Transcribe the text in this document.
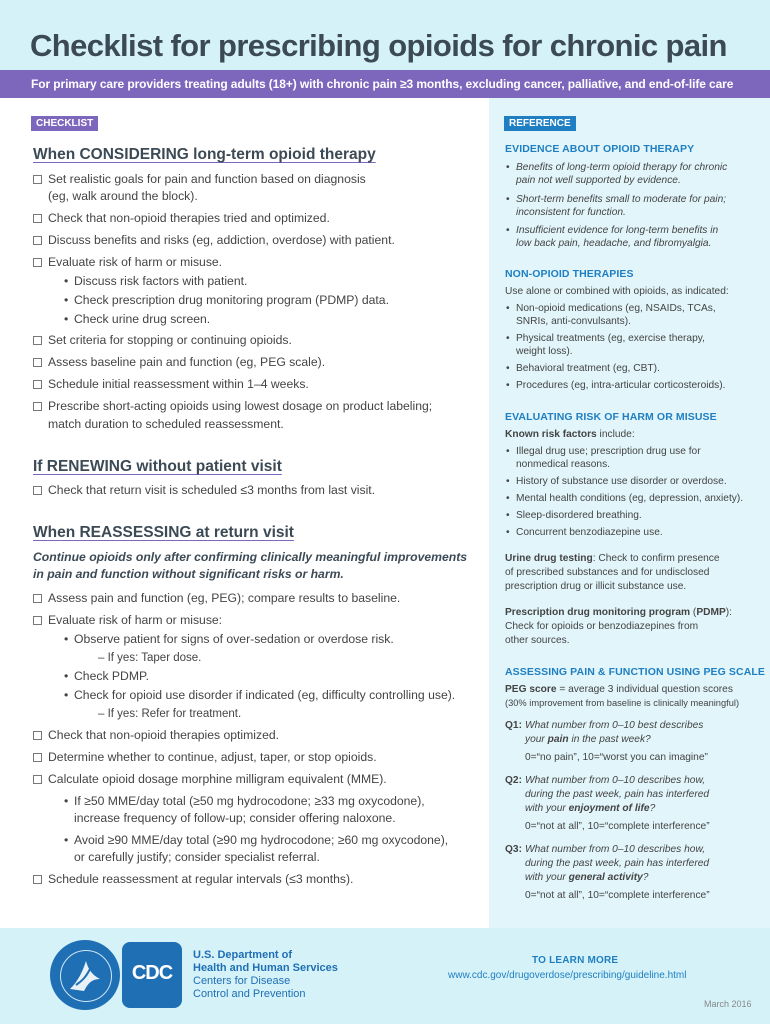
Checklist for prescribing opioids for chronic pain
For primary care providers treating adults (18+) with chronic pain ≥3 months, excluding cancer, palliative, and end-of-life care
CHECKLIST	REFERENCE
When CONSIDERING long-term opioid therapy
Set realistic goals for pain and function based on diagnosis
(eg, walk around the block).
Check that non-opioid therapies tried and optimized.
Discuss benefits and risks (eg, addiction, overdose) with patient.
Evaluate risk of harm or misuse.
• Discuss risk factors with patient.
• Check prescription drug monitoring program (PDMP) data.
• Check urine drug screen.
Set criteria for stopping or continuing opioids.
Assess baseline pain and function (eg, PEG scale).
Schedule initial reassessment within 1–4 weeks.
Prescribe short-acting opioids using lowest dosage on product labeling;
match duration to scheduled reassessment.
If RENEWING without patient visit
Check that return visit is scheduled ≤3 months from last visit.
When REASSESSING at return visit
Continue opioids only after confirming clinically meaningful improvements
in pain and function without significant risks or harm.
Assess pain and function (eg, PEG); compare results to baseline.
Evaluate risk of harm or misuse:
• Observe patient for signs of over-sedation or overdose risk.
– If yes: Taper dose.
• Check PDMP.
• Check for opioid use disorder if indicated (eg, difficulty controlling use).
– If yes: Refer for treatment.
Check that non-opioid therapies optimized.
Determine whether to continue, adjust, taper, or stop opioids.
Calculate opioid dosage morphine milligram equivalent (MME).
• If ≥50 MME/day total (≥50 mg hydrocodone; ≥33 mg oxycodone),
increase frequency of follow-up; consider offering naloxone.
• Avoid ≥90 MME/day total (≥90 mg hydrocodone; ≥60 mg oxycodone),
or carefully justify; consider specialist referral.
Schedule reassessment at regular intervals (≤3 months).
EVIDENCE ABOUT OPIOID THERAPY
• Benefits of long-term opioid therapy for chronic
pain not well supported by evidence.
• Short-term benefits small to moderate for pain;
inconsistent for function.
• Insufficient evidence for long-term benefits in
low back pain, headache, and fibromyalgia.
NON-OPIOID THERAPIES
Use alone or combined with opioids, as indicated:
• Non-opioid medications (eg, NSAIDs, TCAs,
SNRIs, anti-convulsants).
• Physical treatments (eg, exercise therapy,
weight loss).
• Behavioral treatment (eg, CBT).
• Procedures (eg, intra-articular corticosteroids).
EVALUATING RISK OF HARM OR MISUSE
Known risk factors include:
• Illegal drug use; prescription drug use for
nonmedical reasons.
• History of substance use disorder or overdose.
• Mental health conditions (eg, depression, anxiety).
• Sleep-disordered breathing.
• Concurrent benzodiazepine use.
Urine drug testing: Check to confirm presence
of prescribed substances and for undisclosed
prescription drug or illicit substance use.
Prescription drug monitoring program (PDMP):
Check for opioids or benzodiazepines from
other sources.
ASSESSING PAIN & FUNCTION USING PEG SCALE
PEG score = average 3 individual question scores
(30% improvement from baseline is clinically meaningful)
Q1: What number from 0–10 best describes
your pain in the past week?
0=“no pain”, 10=“worst you can imagine”
Q2: What number from 0–10 describes how,
during the past week, pain has interfered
with your enjoyment of life?
0=“not at all”, 10=“complete interference”
Q3: What number from 0–10 describes how,
during the past week, pain has interfered
with your general activity?
0=“not at all”, 10=“complete interference”
CDC
U.S. Department of
Health and Human Services
Centers for Disease
Control and Prevention
TO LEARN MORE
www.cdc.gov/drugoverdose/prescribing/guideline.html
March 2016
